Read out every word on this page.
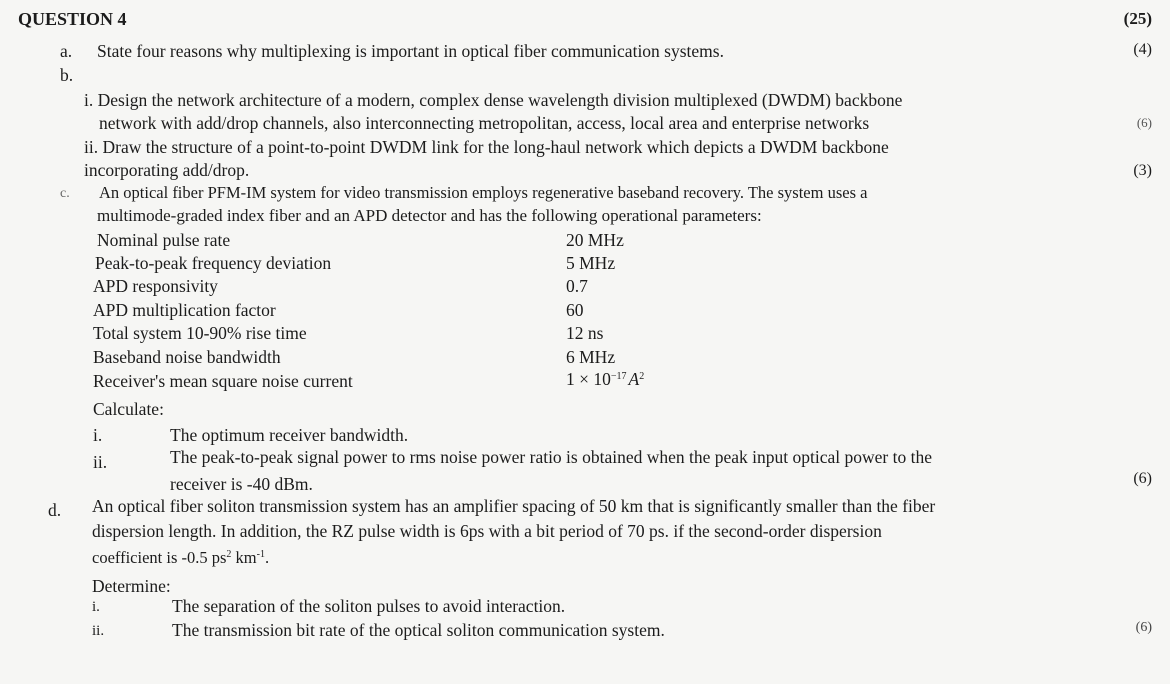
QUESTION 4	(25)
a. State four reasons why multiplexing is important in optical fiber communication systems.	(4)
b.
i. Design the network architecture of a modern, complex dense wavelength division multiplexed (DWDM) backbone
network with add/drop channels, also interconnecting metropolitan, access, local area and enterprise networks	(6)
ii. Draw the structure of a point-to-point DWDM link for the long-haul network which depicts a DWDM backbone
incorporating add/drop.	(3)
c. An optical fiber PFM-IM system for video transmission employs regenerative baseband recovery. The system uses a
multimode-graded index fiber and an APD detector and has the following operational parameters:
Nominal pulse rate	20 MHz
Peak-to-peak frequency deviation	5 MHz
APD responsivity	0.7
APD multiplication factor	60
Total system 10-90% rise time	12 ns
Baseband noise bandwidth	6 MHz
Receiver's mean square noise current	$1 \times 10^{-17}$ $A^2$
Calculate:
i.	The optimum receiver bandwidth.
ii.	The peak-to-peak signal power to rms noise power ratio is obtained when the peak input optical power to the
receiver is -40 dBm.	(6)
d. An optical fiber soliton transmission system has an amplifier spacing of 50 km that is significantly smaller than the fiber
dispersion length. In addition, the RZ pulse width is 6ps with a bit period of 70 ps. if the second-order dispersion
coefficient is -0.5 $ps^2$ $km^{-1}$.
Determine:
i.	The separation of the soliton pulses to avoid interaction.
ii.	The transmission bit rate of the optical soliton communication system.	(6)
